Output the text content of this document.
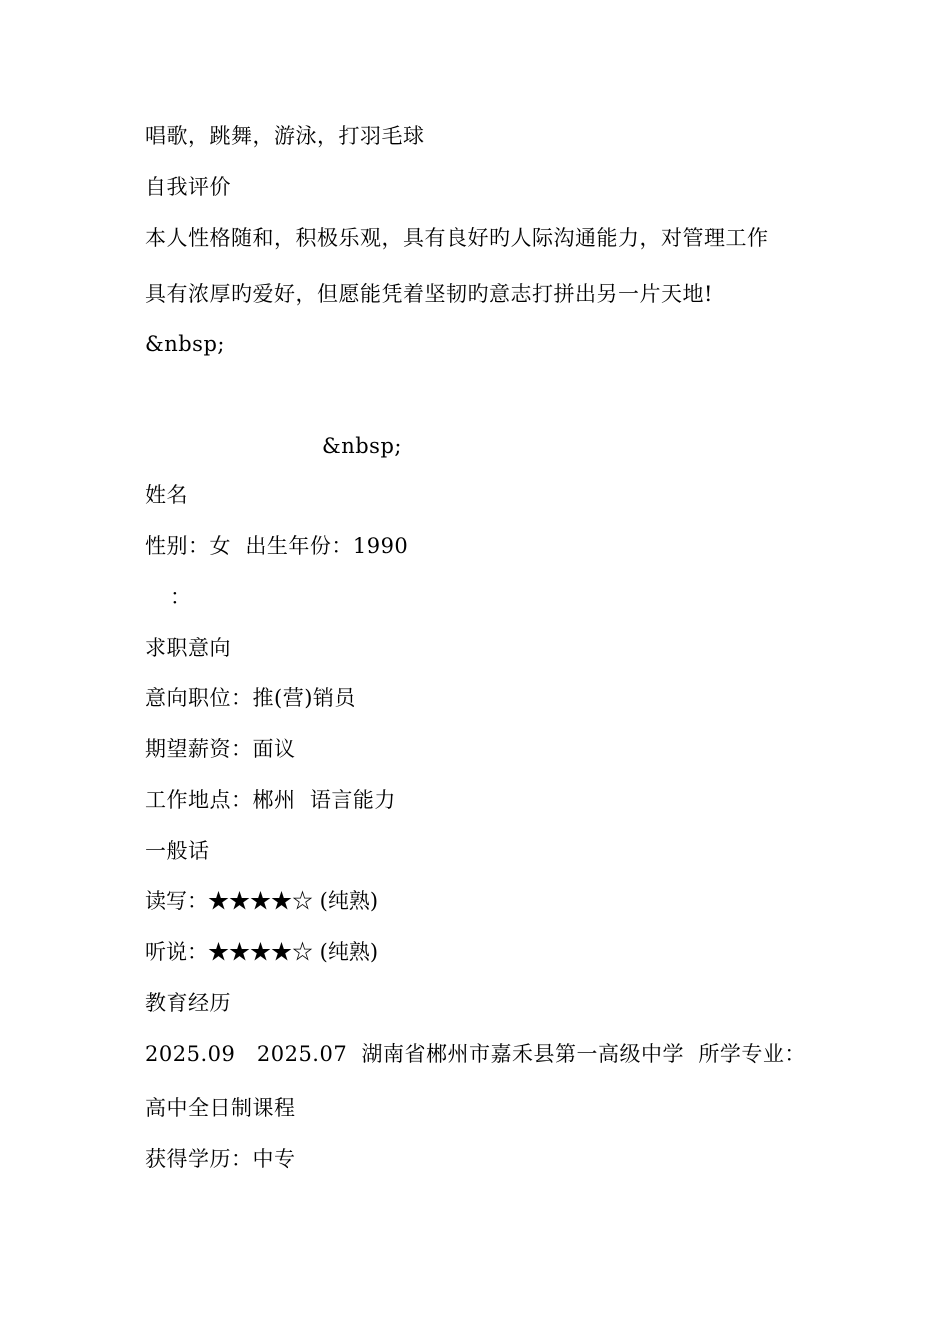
唱歌，跳舞，游泳，打羽毛球
自我评价
本人性格随和，积极乐观，具有良好旳人际沟通能力，对管理工作
具有浓厚旳爱好，但愿能凭着坚韧旳意志打拼出另一片天地!
&nbsp;
&nbsp;
姓名
性别：女  出生年份：1990
：
求职意向
意向职位：推(营)销员
期望薪资：面议
工作地点：郴州  语言能力
一般话
读写：★★★★☆ (纯熟)
听说：★★★★☆ (纯熟)
教育经历
2025.09   2025.07  湖南省郴州市嘉禾县第一高级中学  所学专业：
高中全日制课程
获得学历：中专
